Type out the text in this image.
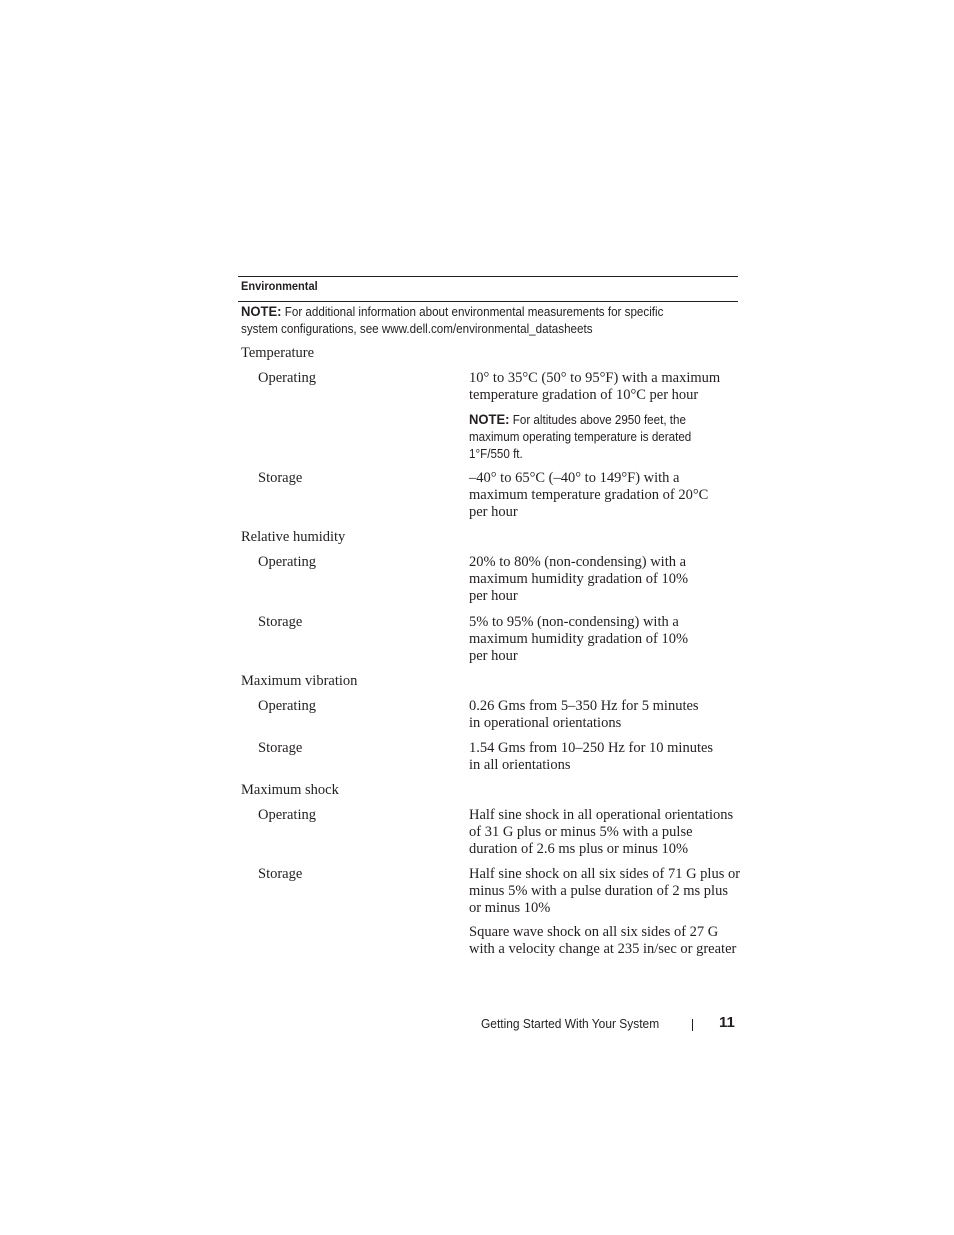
Environmental
NOTE: For additional information about environmental measurements for specific
system configurations, see www.dell.com/environmental_datasheets
Temperature
Operating	10° to 35°C (50° to 95°F) with a maximum
temperature gradation of 10°C per hour
NOTE: For altitudes above 2950 feet, the
maximum operating temperature is derated
1°F/550 ft.
Storage	–40° to 65°C (–40° to 149°F) with a
maximum temperature gradation of 20°C
per hour
Relative humidity
Operating	20% to 80% (non-condensing) with a
maximum humidity gradation of 10%
per hour
Storage	5% to 95% (non-condensing) with a
maximum humidity gradation of 10%
per hour
Maximum vibration
Operating	0.26 Gms from 5–350 Hz for 5 minutes
in operational orientations
Storage	1.54 Gms from 10–250 Hz for 10 minutes
in all orientations
Maximum shock
Operating	Half sine shock in all operational orientations
of 31 G plus or minus 5% with a pulse
duration of 2.6 ms plus or minus 10%
Storage	Half sine shock on all six sides of 71 G plus or
minus 5% with a pulse duration of 2 ms plus
or minus 10%
Square wave shock on all six sides of 27 G
with a velocity change at 235 in/sec or greater
Getting Started With Your System	11
